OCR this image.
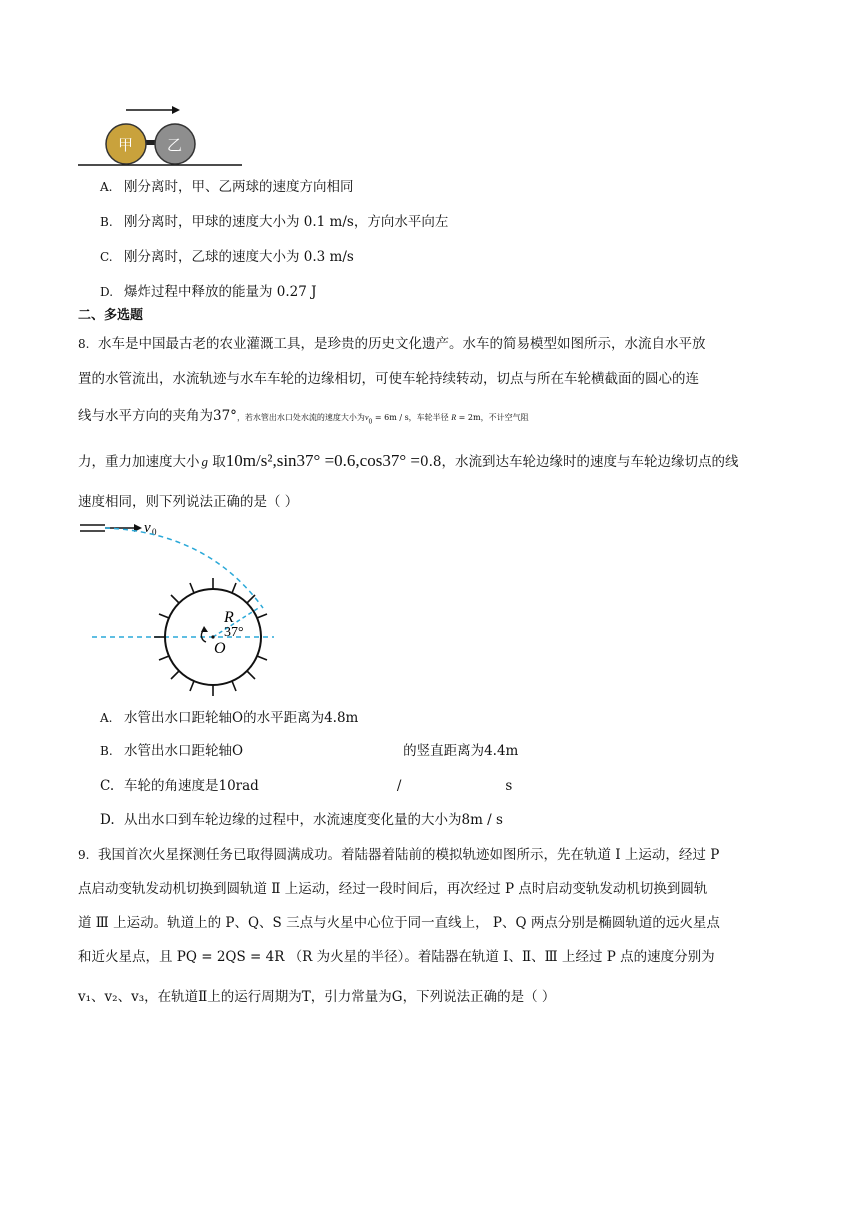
甲 乙
A. 刚分离时，甲、乙两球的速度方向相同
B. 刚分离时，甲球的速度大小为 0.1 m/s，方向水平向左
C. 刚分离时，乙球的速度大小为 0.3 m/s
D. 爆炸过程中释放的能量为 0.27 J
二、多选题
8. 水车是中国最古老的农业灌溉工具，是珍贵的历史文化遗产。水车的简易模型如图所示，水流自水平放
置的水管流出，水流轨迹与水车车轮的边缘相切，可使车轮持续转动，切点与所在车轮横截面的圆心的连
线与水平方向的夹角为37°，若水管出水口处水流的速度大小为$v_0 = 6m / s$，车轮半径 R = 2m，不计空气阻
力，重力加速度大小 g 取10m/s²,sin37° =0.6,cos37° =0.8，水流到达车轮边缘时的速度与车轮边缘切点的线
速度相同，则下列说法正确的是（ ）
v 0
R
37°
O
A. 水管出水口距轮轴O的水平距离为4.8m
B. 水管出水口距轮轴O	的竖直距离为4.4m
C. 车轮的角速度是10rad	/	s
D. 从出水口到车轮边缘的过程中，水流速度变化量的大小为8m / s
9. 我国首次火星探测任务已取得圆满成功。着陆器着陆前的模拟轨迹如图所示，先在轨道 Ⅰ 上运动，经过 P
点启动变轨发动机切换到圆轨道 Ⅱ 上运动，经过一段时间后，再次经过 P 点时启动变轨发动机切换到圆轨
道 Ⅲ 上运动。轨道上的 P、Q、S 三点与火星中心位于同一直线上， P、Q 两点分别是椭圆轨道的远火星点
和近火星点，且 PQ = 2QS = 4R （R 为火星的半径）。着陆器在轨道 Ⅰ、Ⅱ、Ⅲ 上经过 P 点的速度分别为
v₁、v₂、v₃，在轨道Ⅱ上的运行周期为T，引力常量为G，下列说法正确的是（ ）
